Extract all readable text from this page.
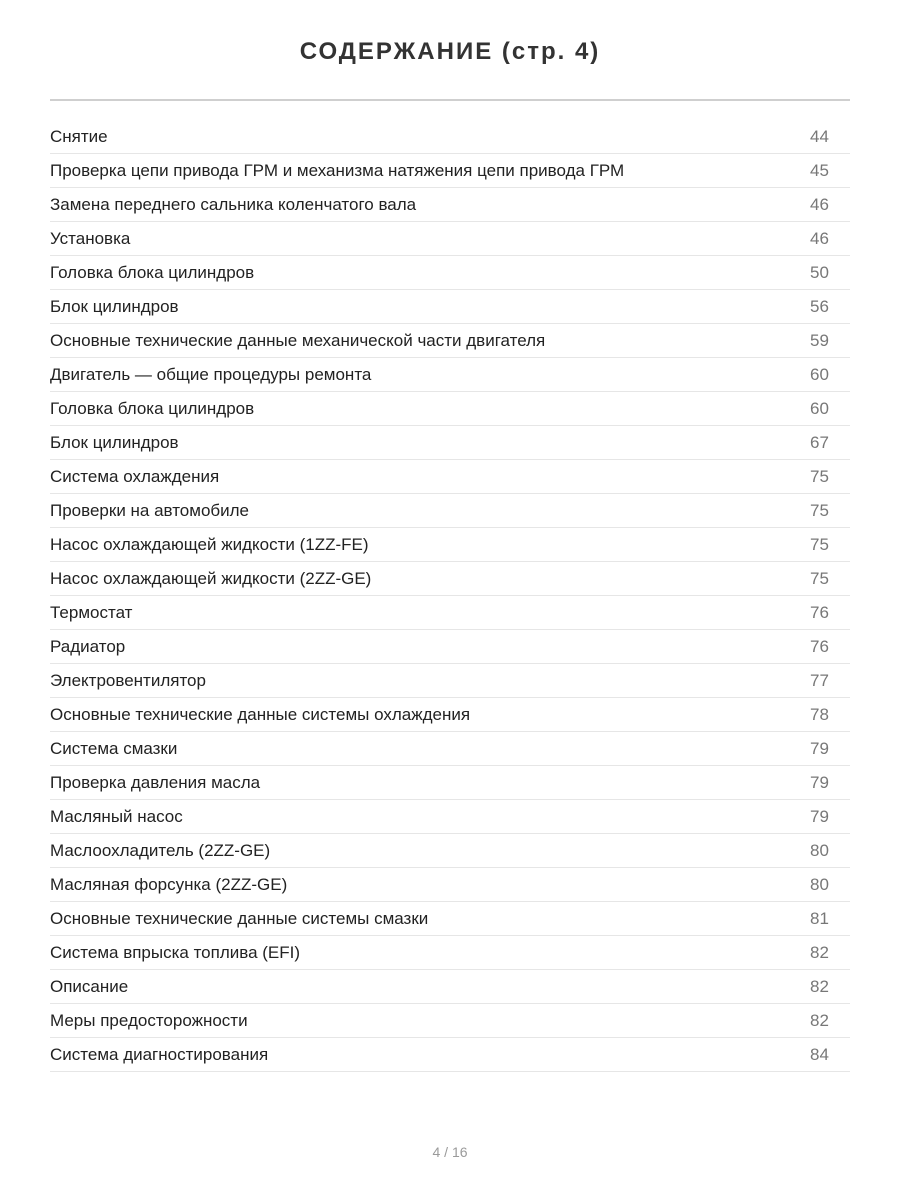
СОДЕРЖАНИЕ (стр. 4)
Снятие	44
Проверка цепи привода ГРМ и механизма натяжения цепи привода ГРМ	45
Замена переднего сальника коленчатого вала	46
Установка	46
Головка блока цилиндров	50
Блок цилиндров	56
Основные технические данные механической части двигателя	59
Двигатель — общие процедуры ремонта	60
Головка блока цилиндров	60
Блок цилиндров	67
Система охлаждения	75
Проверки на автомобиле	75
Насос охлаждающей жидкости (1ZZ-FE)	75
Насос охлаждающей жидкости (2ZZ-GE)	75
Термостат	76
Радиатор	76
Электровентилятор	77
Основные технические данные системы охлаждения	78
Система смазки	79
Проверка давления масла	79
Масляный насос	79
Маслоохладитель (2ZZ-GE)	80
Масляная форсунка (2ZZ-GE)	80
Основные технические данные системы смазки	81
Система впрыска топлива (EFI)	82
Описание	82
Меры предосторожности	82
Система диагностирования	84
4 / 16
